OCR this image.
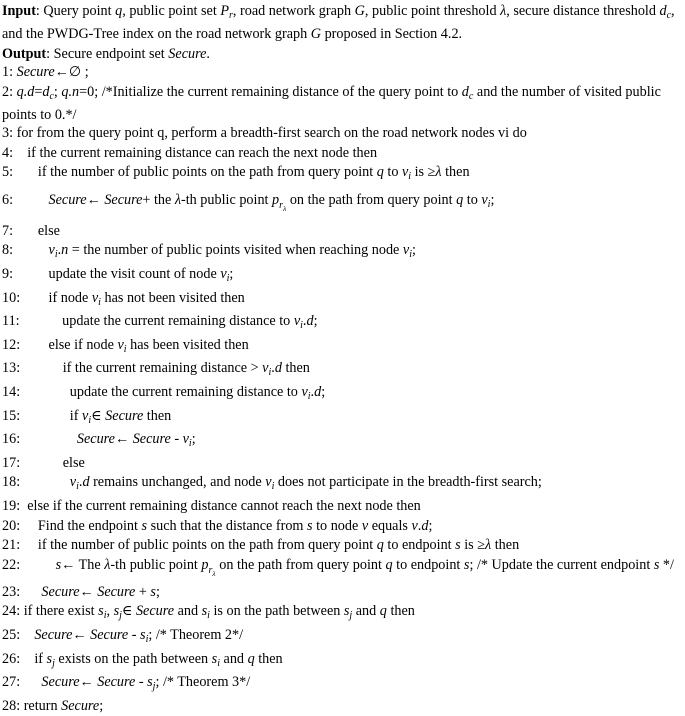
Input: Query point q, public point set $P_r$, road network graph G, public point threshold λ, secure distance threshold $d_c$, and the PWDG-Tree index on the road network graph G proposed in Section 4.2.
Output: Secure endpoint set Secure.
1: Secure←∅ ;
2: $q.d=d_c$; q.n=0; /*Initialize the current remaining distance of the query point to $d_c$ and the number of visited public points to 0.*/
3: for from the query point q, perform a breadth-first search on the road network nodes vi do
4:    if the current remaining distance can reach the next node then
5:       if the number of public points on the path from query point q to $v_i$ is ≥λ then
6:          Secure← Secure+ the λ-th public point $p_{r\lambda}$ on the path from query point q to $v_i$;
7:       else
8:          $v_i.n$ = the number of public points visited when reaching node $v_i$;
9:          update the visit count of node $v_i$;
10:        if node $v_i$ has not been visited then
11:            update the current remaining distance to $v_i.d$;
12:        else if node $v_i$ has been visited then
13:            if the current remaining distance > $v_i.d$ then
14:              update the current remaining distance to $v_i.d$;
15:              if $v_i\in$ Secure then
16:                Secure← Secure - $v_i$;
17:            else
18:              $v_i.d$ remains unchanged, and node $v_i$ does not participate in the breadth-first search;
19:  else if the current remaining distance cannot reach the next node then
20:     Find the endpoint s such that the distance from s to node v equals v.d;
21:     if the number of public points on the path from query point q to endpoint s is ≥λ then
22:          s← The λ-th public point $p_{r\lambda}$ on the path from query point q to endpoint s; /* Update the current endpoint s */
23:      Secure← Secure + s;
24: if there exist $s_i$, $s_j\in$ Secure and $s_i$ is on the path between $s_j$ and q then
25:    Secure← Secure - $s_i$; /* Theorem 2*/
26:    if $s_j$ exists on the path between $s_i$ and q then
27:      Secure← Secure - $s_j$; /* Theorem 3*/
28: return Secure;
